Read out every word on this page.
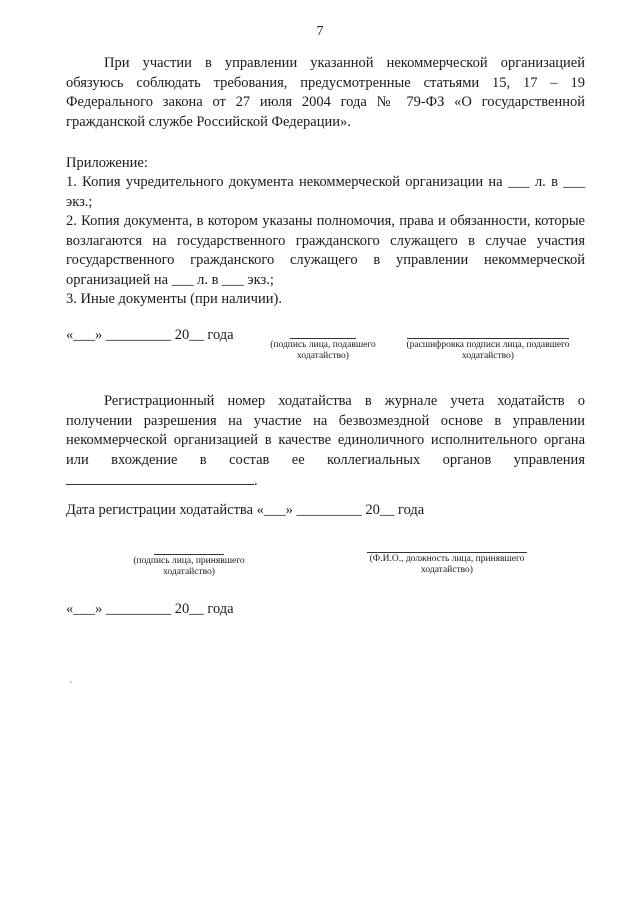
7

При участии в управлении указанной некоммерческой организацией обязуюсь соблюдать требования, предусмотренные статьями 15, 17 – 19 Федерального закона от 27 июля 2004 года № 79-ФЗ «О государственной гражданской службе Российской Федерации».

Приложение:
1. Копия учредительного документа некоммерческой организации на ___ л. в ___ экз.;
2. Копия документа, в котором указаны полномочия, права и обязанности, которые возлагаются на государственного гражданского служащего в случае участия государственного гражданского служащего в управлении некоммерческой организацией на ___ л. в ___ экз.;
3. Иные документы (при наличии).
«___» _________ 20__ года
(подпись лица, подавшего ходатайство)
(расшифровка подписи лица, подавшего ходатайство)

Регистрационный номер ходатайства в журнале учета ходатайств о получении разрешения на участие на безвозмездной основе в управлении некоммерческой организацией в качестве единоличного исполнительного органа или вхождение в состав ее коллегиальных органов управления .

Дата регистрации ходатайства «___» _________ 20__ года
(подпись лица, принявшего ходатайство)
(Ф.И.О., должность лица, принявшего ходатайство)
«___» _________ 20__ года
